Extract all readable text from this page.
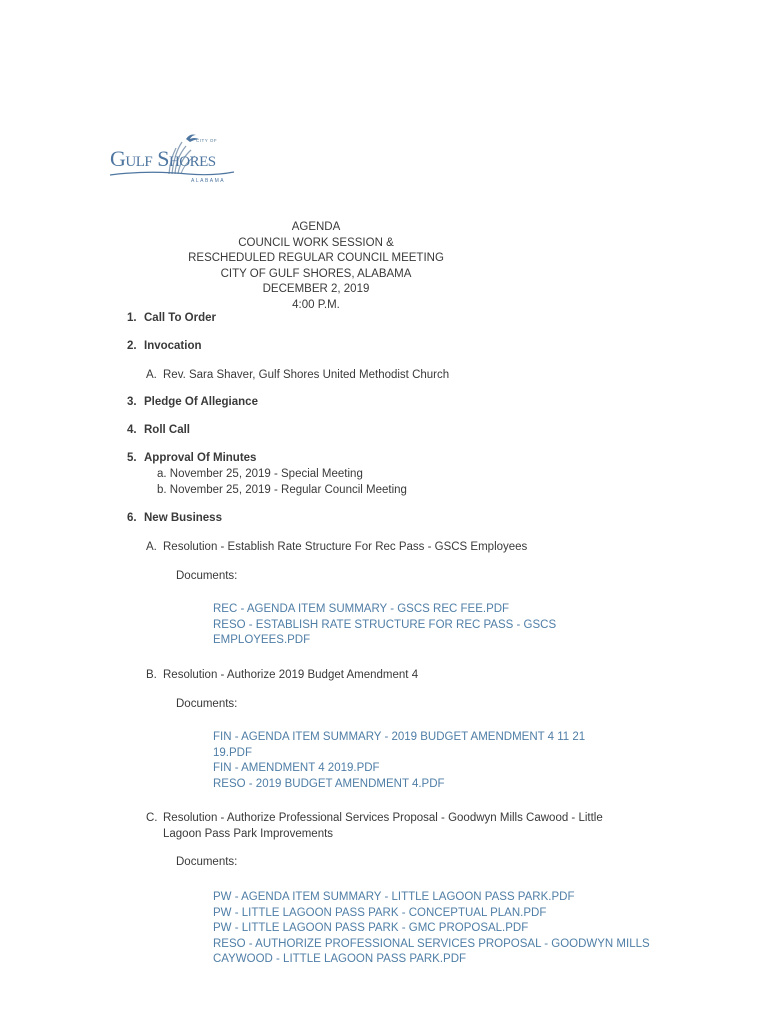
CITY OF
Gulf Shores
ALABAMA
AGENDA
COUNCIL WORK SESSION &
RESCHEDULED REGULAR COUNCIL MEETING
CITY OF GULF SHORES, ALABAMA
DECEMBER 2, 2019
4:00 P.M.
1. Call To Order
2. Invocation
A. Rev. Sara Shaver, Gulf Shores United Methodist Church
3. Pledge Of Allegiance
4. Roll Call
5. Approval Of Minutes
a. November 25, 2019 - Special Meeting
b. November 25, 2019 - Regular Council Meeting
6. New Business
A. Resolution - Establish Rate Structure For Rec Pass - GSCS Employees
Documents:
REC - AGENDA ITEM SUMMARY - GSCS REC FEE.PDF
RESO - ESTABLISH RATE STRUCTURE FOR REC PASS - GSCS EMPLOYEES.PDF
B. Resolution - Authorize 2019 Budget Amendment 4
Documents:
FIN - AGENDA ITEM SUMMARY - 2019 BUDGET AMENDMENT 4 11 21 19.PDF
FIN - AMENDMENT 4 2019.PDF
RESO - 2019 BUDGET AMENDMENT 4.PDF
C. Resolution - Authorize Professional Services Proposal - Goodwyn Mills Cawood - Little Lagoon Pass Park Improvements
Documents:
PW - AGENDA ITEM SUMMARY - LITTLE LAGOON PASS PARK.PDF
PW - LITTLE LAGOON PASS PARK - CONCEPTUAL PLAN.PDF
PW - LITTLE LAGOON PASS PARK - GMC PROPOSAL.PDF
RESO - AUTHORIZE PROFESSIONAL SERVICES PROPOSAL - GOODWYN MILLS CAYWOOD - LITTLE LAGOON PASS PARK.PDF
